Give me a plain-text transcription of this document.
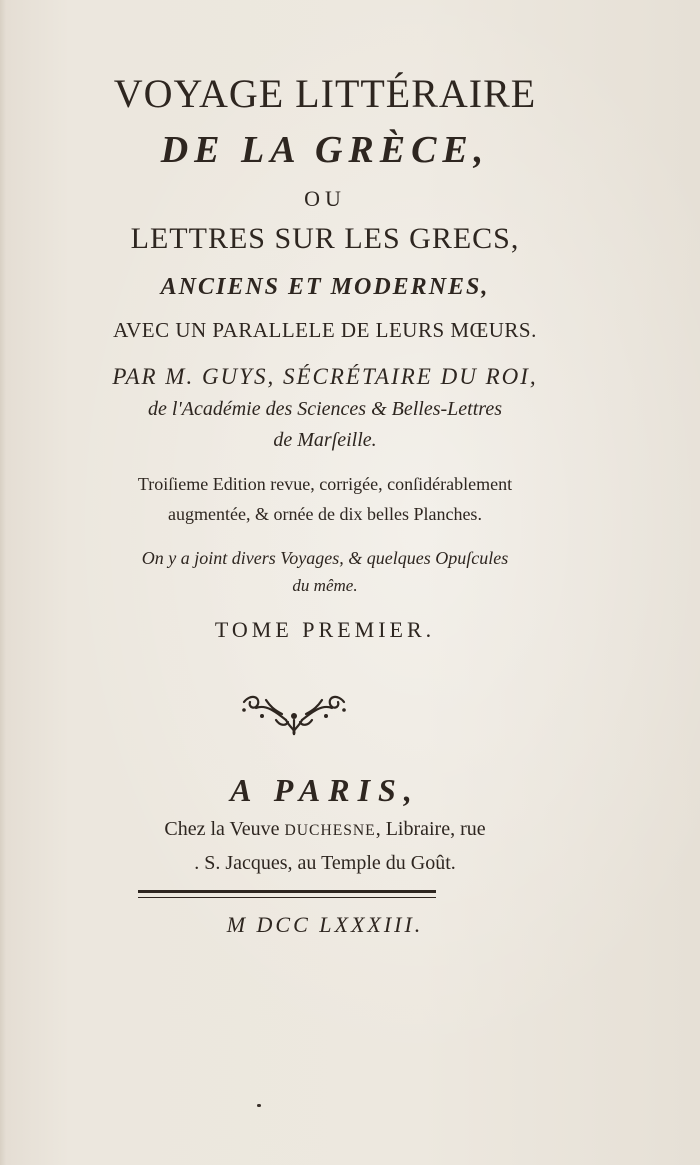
VOYAGE LITTÉRAIRE
DE LA GRÈCE,
OU
LETTRES SUR LES GRECS,
ANCIENS ET MODERNES,
AVEC UN PARALLELE DE LEURS MŒURS.
PAR M. GUYS, SÉCRÉTAIRE DU ROI,
de l'Académie des Sciences & Belles-Lettres
de Marſeille.
Troiſieme Edition revue, corrigée, conſidérablement
augmentée, & ornée de dix belles Planches.
On y a joint divers Voyages, & quelques Opuſcules
du même.
TOME PREMIER.
A PARIS,
Chez la Veuve DUCHESNE, Libraire, rue
. S. Jacques, au Temple du Goût.
M DCC LXXXIII.
